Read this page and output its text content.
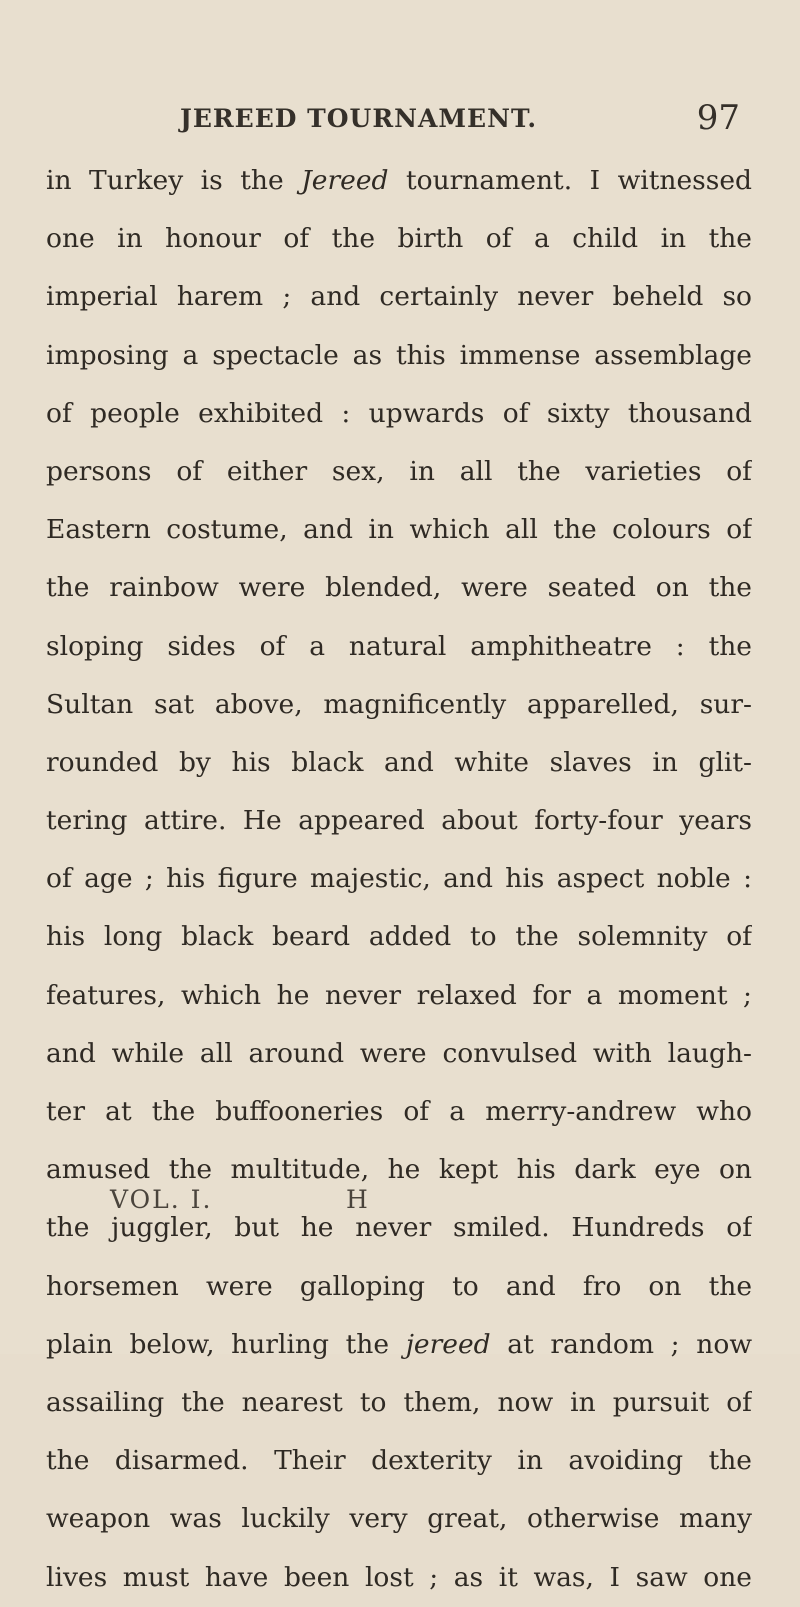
JEREED TOURNAMENT.	97
in Turkey is the Jereed tournament. I witnessed
one in honour of the birth of a child in the
imperial harem ; and certainly never beheld so
imposing a spectacle as this immense assemblage
of people exhibited : upwards of sixty thousand
persons of either sex, in all the varieties of
Eastern costume, and in which all the colours of
the rainbow were blended, were seated on the
sloping sides of a natural amphitheatre : the
Sultan sat above, magnificently apparelled, sur-
rounded by his black and white slaves in glit-
tering attire. He appeared about forty-four years
of age ; his figure majestic, and his aspect noble :
his long black beard added to the solemnity of
features, which he never relaxed for a moment ;
and while all around were convulsed with laugh-
ter at the buffooneries of a merry-andrew who
amused the multitude, he kept his dark eye on
the juggler, but he never smiled. Hundreds of
horsemen were galloping to and fro on the
plain below, hurling the jereed at random ; now
assailing the nearest to them, now in pursuit of
the disarmed. Their dexterity in avoiding the
weapon was luckily very great, otherwise many
lives must have been lost ; as it was, I saw one
VOL. I.	H
